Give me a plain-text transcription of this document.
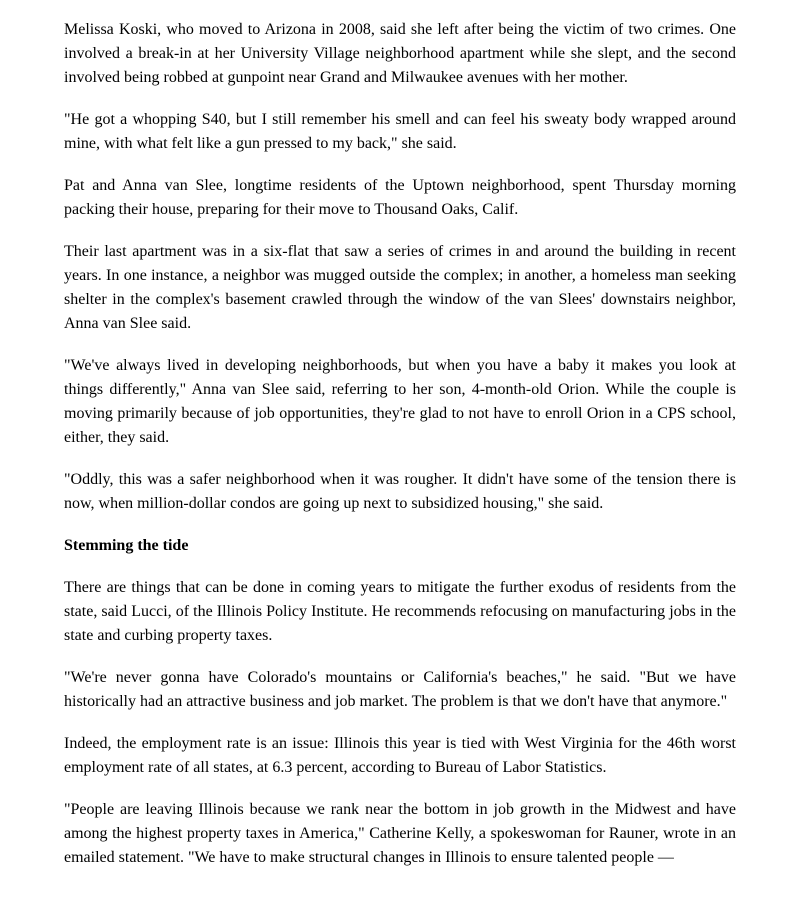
Melissa Koski, who moved to Arizona in 2008, said she left after being the victim of two crimes. One involved a break-in at her University Village neighborhood apartment while she slept, and the second involved being robbed at gunpoint near Grand and Milwaukee avenues with her mother.

"He got a whopping S40, but I still remember his smell and can feel his sweaty body wrapped around mine, with what felt like a gun pressed to my back," she said.

Pat and Anna van Slee, longtime residents of the Uptown neighborhood, spent Thursday morning packing their house, preparing for their move to Thousand Oaks, Calif.

Their last apartment was in a six-flat that saw a series of crimes in and around the building in recent years. In one instance, a neighbor was mugged outside the complex; in another, a homeless man seeking shelter in the complex's basement crawled through the window of the van Slees' downstairs neighbor, Anna van Slee said.

"We've always lived in developing neighborhoods, but when you have a baby it makes you look at things differently," Anna van Slee said, referring to her son, 4-month-old Orion. While the couple is moving primarily because of job opportunities, they're glad to not have to enroll Orion in a CPS school, either, they said.

"Oddly, this was a safer neighborhood when it was rougher. It didn't have some of the tension there is now, when million-dollar condos are going up next to subsidized housing," she said.

Stemming the tide

There are things that can be done in coming years to mitigate the further exodus of residents from the state, said Lucci, of the Illinois Policy Institute. He recommends refocusing on manufacturing jobs in the state and curbing property taxes.

"We're never gonna have Colorado's mountains or California's beaches," he said. "But we have historically had an attractive business and job market. The problem is that we don't have that anymore."

Indeed, the employment rate is an issue: Illinois this year is tied with West Virginia for the 46th worst employment rate of all states, at 6.3 percent, according to Bureau of Labor Statistics.

"People are leaving Illinois because we rank near the bottom in job growth in the Midwest and have among the highest property taxes in America," Catherine Kelly, a spokeswoman for Rauner, wrote in an emailed statement. "We have to make structural changes in Illinois to ensure talented people —
